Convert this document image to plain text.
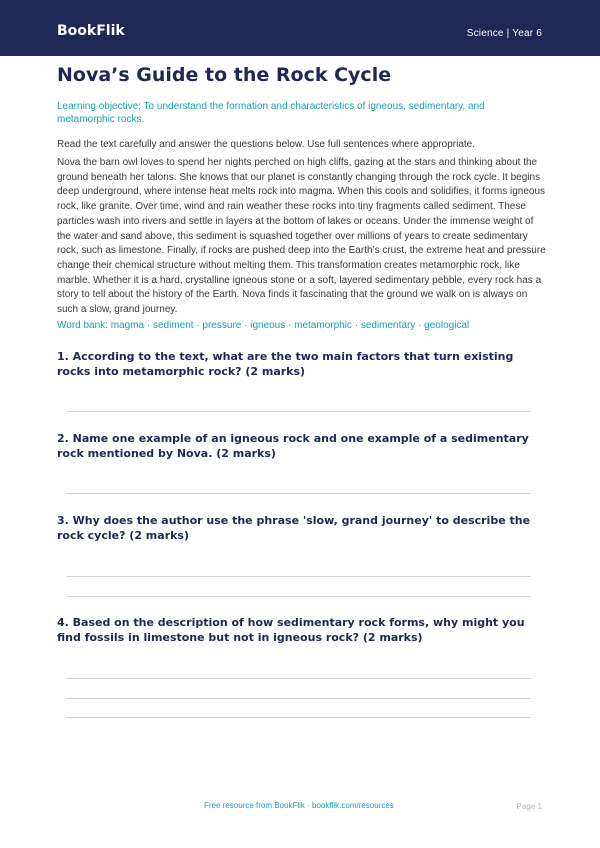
BookFlik	Science | Year 6
Nova’s Guide to the Rock Cycle
Learning objective: To understand the formation and characteristics of igneous, sedimentary, and metamorphic rocks.
Read the text carefully and answer the questions below. Use full sentences where appropriate.
Nova the barn owl loves to spend her nights perched on high cliffs, gazing at the stars and thinking about the ground beneath her talons. She knows that our planet is constantly changing through the rock cycle. It begins deep underground, where intense heat melts rock into magma. When this cools and solidifies, it forms igneous rock, like granite. Over time, wind and rain weather these rocks into tiny fragments called sediment. These particles wash into rivers and settle in layers at the bottom of lakes or oceans. Under the immense weight of the water and sand above, this sediment is squashed together over millions of years to create sedimentary rock, such as limestone. Finally, if rocks are pushed deep into the Earth’s crust, the extreme heat and pressure change their chemical structure without melting them. This transformation creates metamorphic rock, like marble. Whether it is a hard, crystalline igneous stone or a soft, layered sedimentary pebble, every rock has a story to tell about the history of the Earth. Nova finds it fascinating that the ground we walk on is always on such a slow, grand journey.
Word bank: magma · sediment · pressure · igneous · metamorphic · sedimentary · geological
1. According to the text, what are the two main factors that turn existing rocks into metamorphic rock? (2 marks)
2. Name one example of an igneous rock and one example of a sedimentary rock mentioned by Nova. (2 marks)
3. Why does the author use the phrase 'slow, grand journey' to describe the rock cycle? (2 marks)
4. Based on the description of how sedimentary rock forms, why might you find fossils in limestone but not in igneous rock? (2 marks)
Free resource from BookFlik · bookflik.com/resources	Page 1
